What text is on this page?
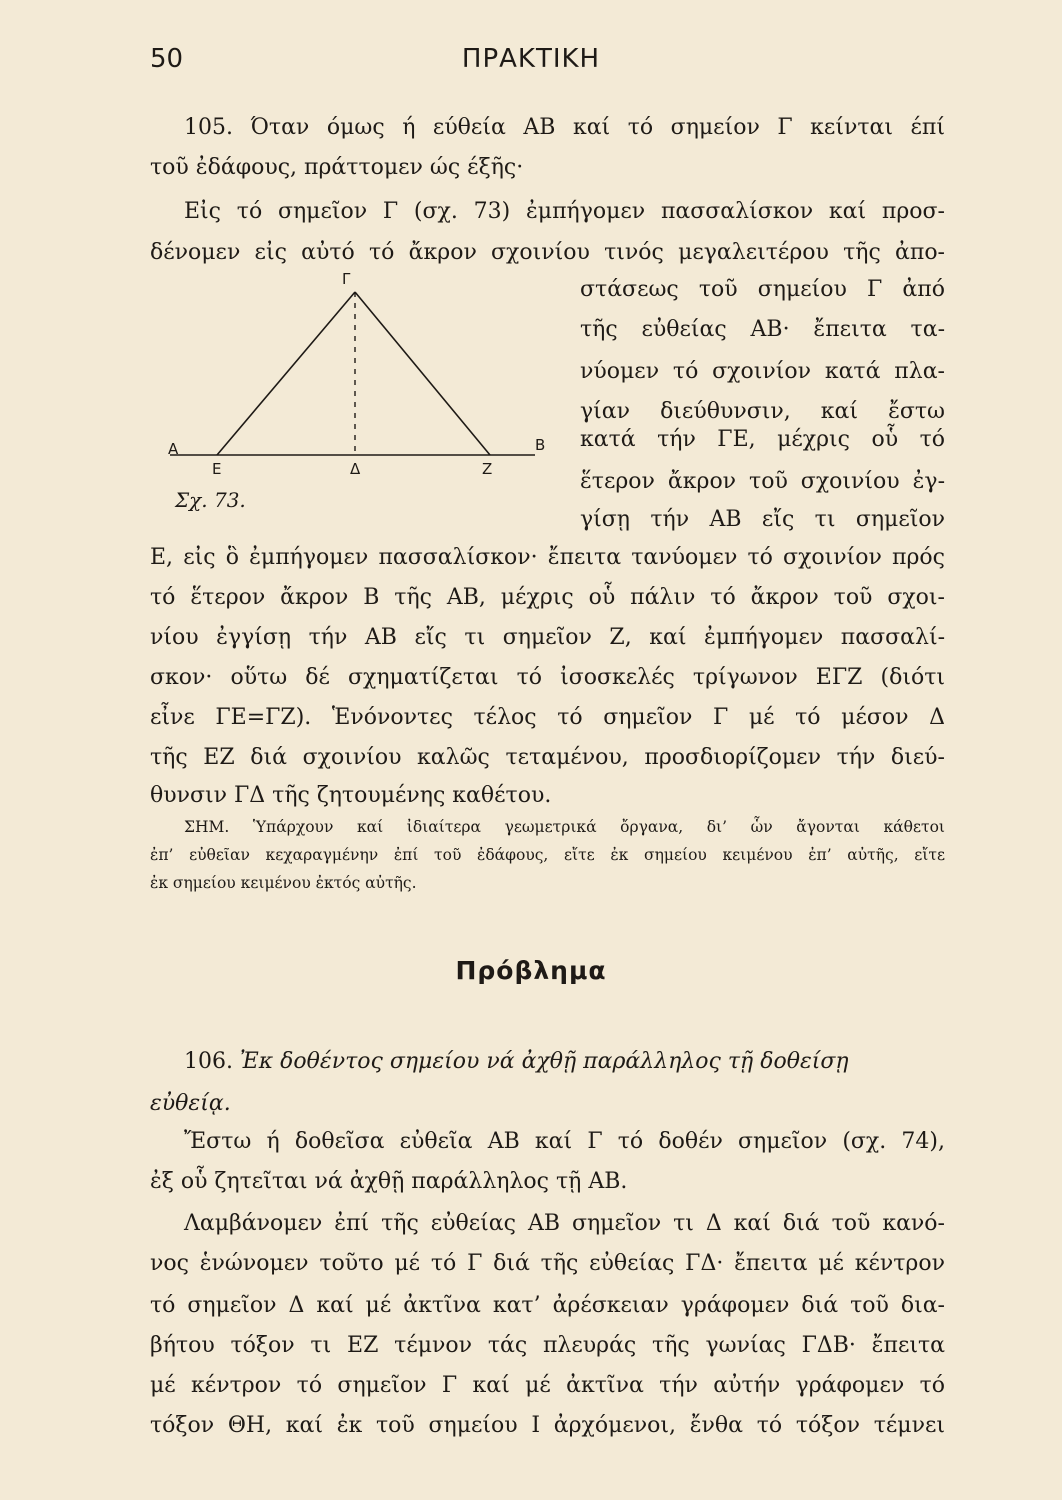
50	ΠΡΑΚΤΙΚΗ
105. Όταν όμως ή εύθεία ΑΒ καί τό σημείον Γ κείνται έπί
τοῦ ἐδάφους, πράττομεν ώς έξῆς·
Εἰς τό σημεῖον Γ (σχ. 73) ἐμπήγομεν πασσαλίσκον καί προσ-
δένομεν εἰς αὐτό τό ἄκρον σχοινίου τινός μεγαλειτέρου τῆς ἀπο-
στάσεως τοῦ σημείου Γ ἀπό
τῆς εὐθείας ΑΒ· ἔπειτα τα-
νύομεν τό σχοινίον κατά πλα-
γίαν διεύθυνσιν, καί ἔστω
κατά τήν ΓΕ, μέχρις οὗ τό
ἕτερον ἄκρον τοῦ σχοινίου ἐγ-
γίσῃ τήν ΑΒ εἴς τι σημεῖον
Ε, εἰς ὃ ἐμπήγομεν πασσαλίσκον· ἔπειτα τανύομεν τό σχοινίον πρός
τό ἕτερον ἄκρον Β τῆς ΑΒ, μέχρις οὗ πάλιν τό ἄκρον τοῦ σχοι-
νίου ἐγγίσῃ τήν ΑΒ εἴς τι σημεῖον Ζ, καί ἐμπήγομεν πασσαλί-
σκον· οὕτω δέ σχηματίζεται τό ἰσοσκελές τρίγωνον ΕΓΖ (διότι
εἶνε ΓΕ=ΓΖ). Ἑνόνοντες τέλος τό σημεῖον Γ μέ τό μέσον Δ
τῆς ΕΖ διά σχοινίου καλῶς τεταμένου, προσδιορίζομεν τήν διεύ-
θυνσιν ΓΔ τῆς ζητουμένης καθέτου.
Α	Β
Γ
Ε	Δ	Ζ
Σχ. 73.
ΣΗΜ. Ὑπάρχουν καί ἰδιαίτερα γεωμετρικά ὄργανα, δι’ ὧν ἄγονται κάθετοι
ἐπ’ εὐθεῖαν κεχαραγμένην ἐπί τοῦ ἐδάφους, εἴτε ἐκ σημείου κειμένου ἐπ’ αὐτῆς, εἴτε
ἐκ σημείου κειμένου ἐκτός αὐτῆς.
Πρόβλημα
106. Ἐκ δοθέντος σημείου νά ἀχθῇ παράλληλος τῇ δοθείσῃ
εὐθείᾳ.
Ἔστω ή δοθεῖσα εὐθεῖα ΑΒ καί Γ τό δοθέν σημεῖον (σχ. 74),
ἐξ οὗ ζητεῖται νά ἀχθῇ παράλληλος τῇ ΑΒ.
Λαμβάνομεν ἐπί τῆς εὐθείας ΑΒ σημεῖον τι Δ καί διά τοῦ κανό-
νος ἑνώνομεν τοῦτο μέ τό Γ διά τῆς εὐθείας ΓΔ· ἔπειτα μέ κέντρον
τό σημεῖον Δ καί μέ ἀκτῖνα κατ’ ἀρέσκειαν γράφομεν διά τοῦ δια-
βήτου τόξον τι ΕΖ τέμνον τάς πλευράς τῆς γωνίας ΓΔΒ· ἔπειτα
μέ κέντρον τό σημεῖον Γ καί μέ ἀκτῖνα τήν αὐτήν γράφομεν τό
τόξον ΘΗ, καί ἐκ τοῦ σημείου Ι ἀρχόμενοι, ἔνθα τό τόξον τέμνει
